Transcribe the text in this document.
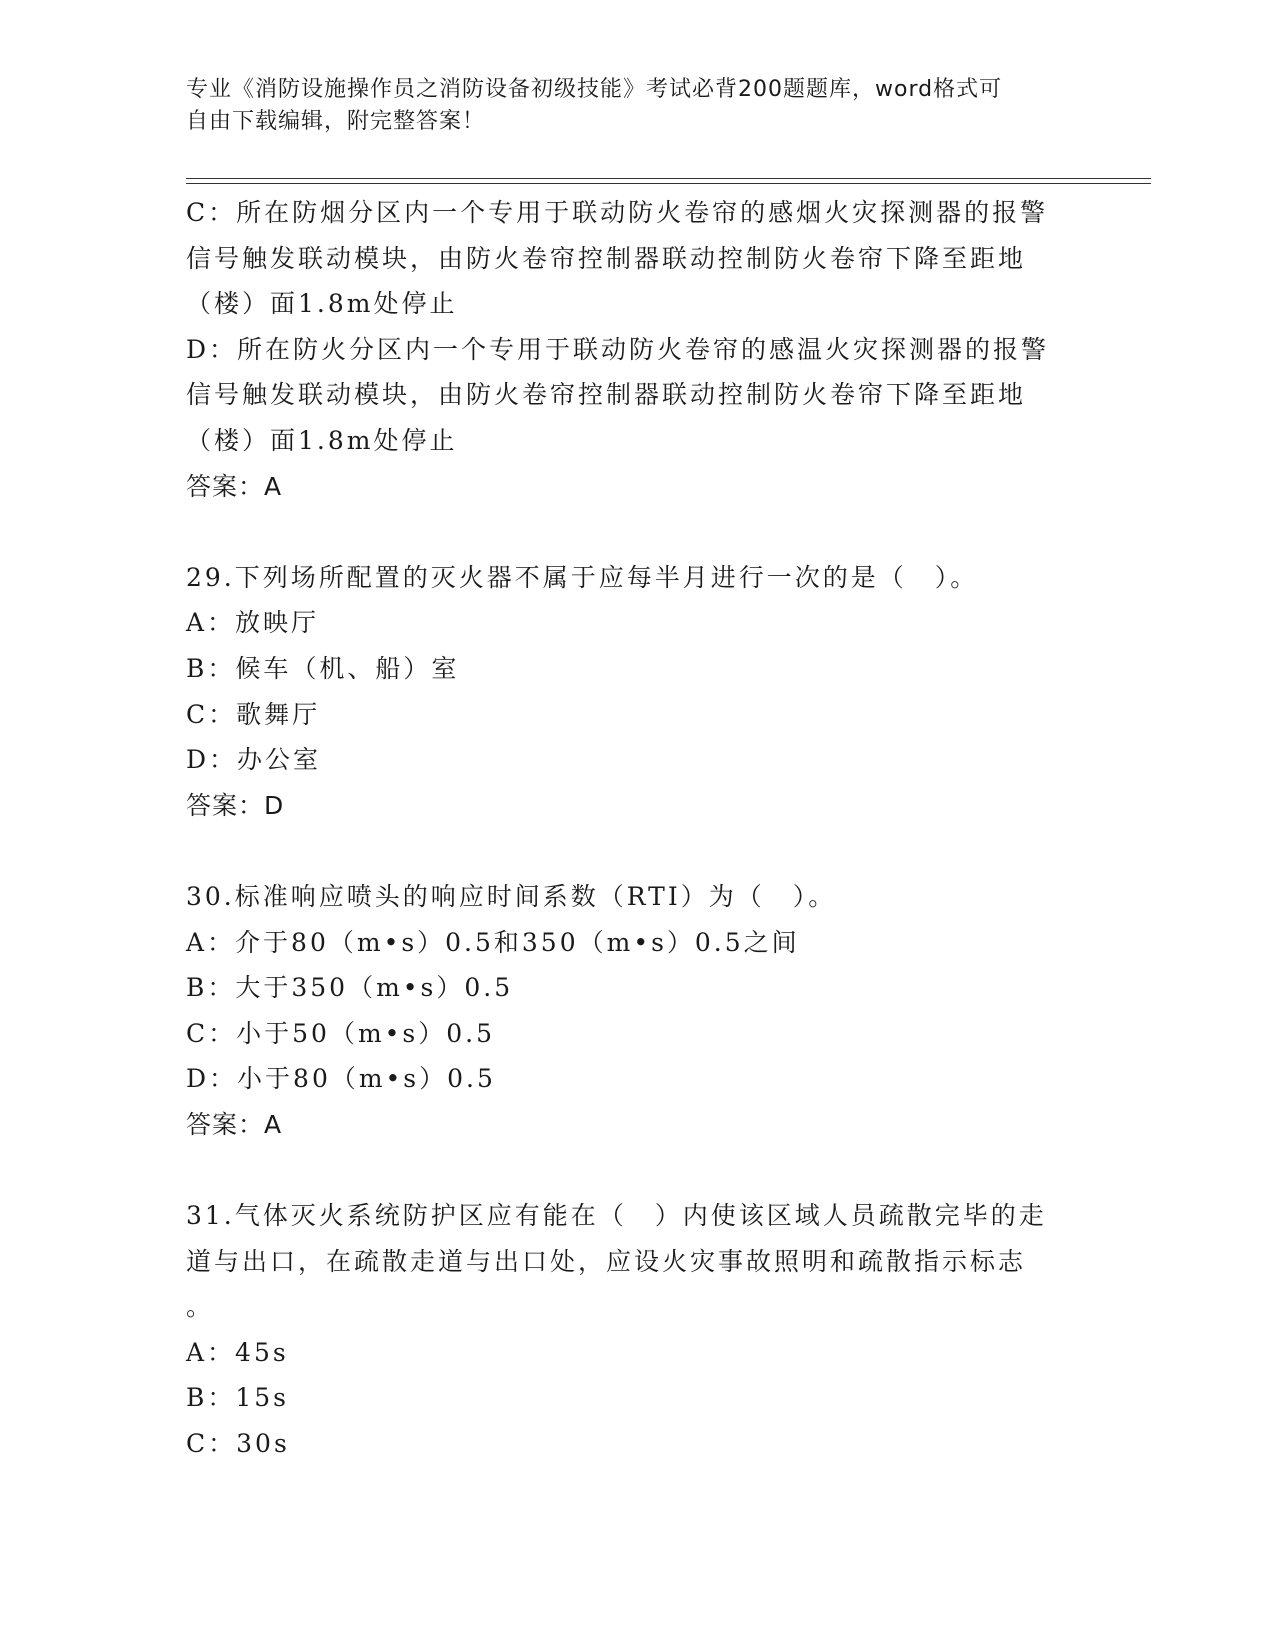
专业《消防设施操作员之消防设备初级技能》考试必背200题题库，word格式可
自由下载编辑，附完整答案！
C：所在防烟分区内一个专用于联动防火卷帘的感烟火灾探测器的报警
信号触发联动模块，由防火卷帘控制器联动控制防火卷帘下降至距地
（楼）面1.8m处停止
D：所在防火分区内一个专用于联动防火卷帘的感温火灾探测器的报警
信号触发联动模块，由防火卷帘控制器联动控制防火卷帘下降至距地
（楼）面1.8m处停止
答案：A
29.下列场所配置的灭火器不属于应每半月进行一次的是（　）。
A：放映厅
B：候车（机、船）室
C：歌舞厅
D：办公室
答案：D
30.标准响应喷头的响应时间系数（RTI）为（　）。
A：介于80（m•s）0.5和350（m•s）0.5之间
B：大于350（m•s）0.5
C：小于50（m•s）0.5
D：小于80（m•s）0.5
答案：A
31.气体灭火系统防护区应有能在（　）内使该区域人员疏散完毕的走
道与出口，在疏散走道与出口处，应设火灾事故照明和疏散指示标志
。
A：45s
B：15s
C：30s
